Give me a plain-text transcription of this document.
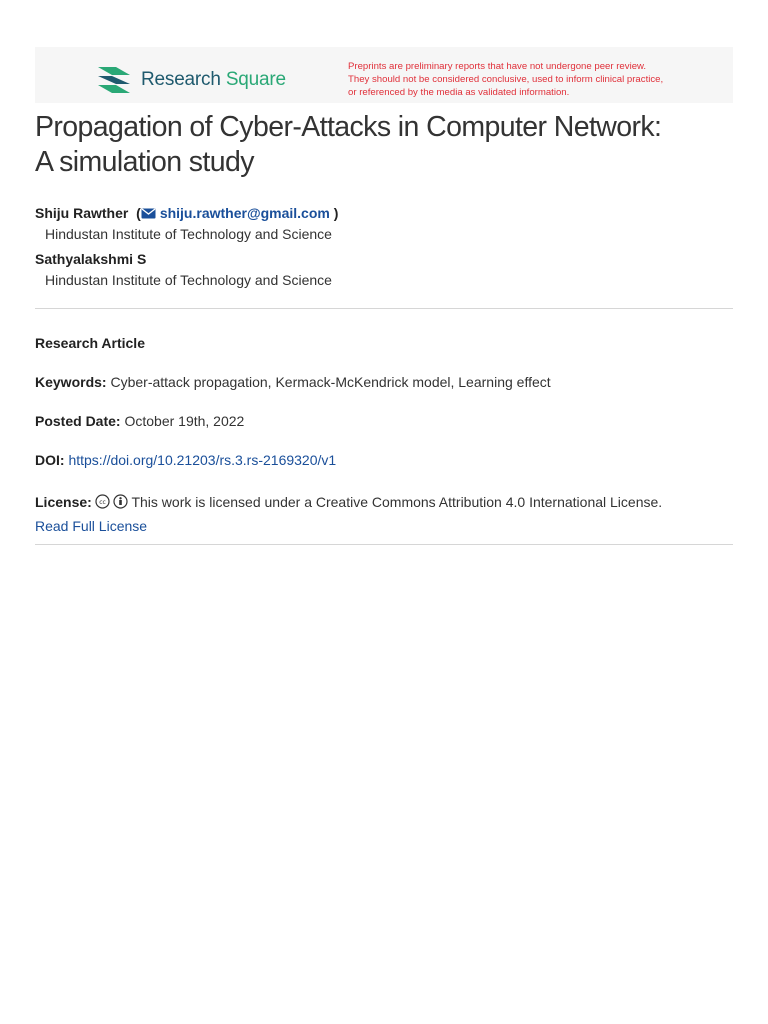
Research Square
Preprints are preliminary reports that have not undergone peer review.
They should not be considered conclusive, used to inform clinical practice,
or referenced by the media as validated information.
Propagation of Cyber-Attacks in Computer Network:
A simulation study
Shiju Rawther  ( shiju.rawther@gmail.com )
Hindustan Institute of Technology and Science
Sathyalakshmi S
Hindustan Institute of Technology and Science
Research Article
Keywords: Cyber-attack propagation, Kermack-McKendrick model, Learning effect
Posted Date: October 19th, 2022
DOI: https://doi.org/10.21203/rs.3.rs-2169320/v1
License: cc This work is licensed under a Creative Commons Attribution 4.0 International License.
Read Full License
